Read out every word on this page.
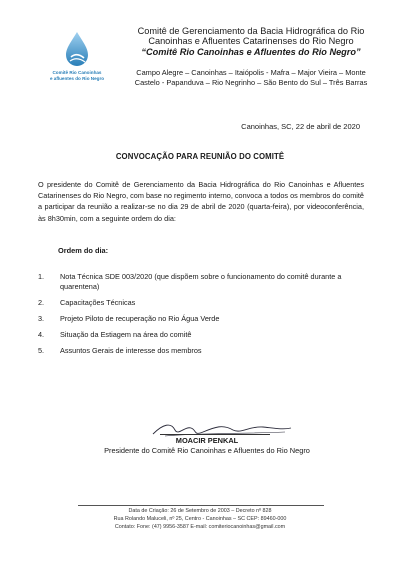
Comitê Rio Canoinhas
e afluentes do Rio Negro
Comitê de Gerenciamento da Bacia Hidrográfica do Rio
Canoinhas e Afluentes Catarinenses do Rio Negro
“Comitê Rio Canoinhas e Afluentes do Rio Negro”
Campo Alegre – Canoinhas – Itaiópolis - Mafra – Major Vieira – Monte
Castelo - Papanduva – Rio Negrinho – São Bento do Sul – Três Barras
Canoinhas, SC, 22 de abril de 2020
CONVOCAÇÃO PARA REUNIÃO DO COMITÊ
O presidente do Comitê de Gerenciamento da Bacia Hidrográfica do Rio Canoinhas e Afluentes Catarinenses do Rio Negro, com base no regimento interno, convoca a todos os membros do comitê a participar da reunião a realizar-se no dia 29 de abril de 2020 (quarta-feira), por videoconferência, às 8h30min, com a seguinte ordem do dia:
Ordem do dia:
1. Nota Técnica SDE 003/2020 (que dispõem sobre o funcionamento do comitê durante a quarentena)
2. Capacitações Técnicas
3. Projeto Piloto de recuperação no Rio Água Verde
4. Situação da Estiagem na área do comitê
5. Assuntos Gerais de interesse dos membros
MOACIR PENKAL
Presidente do Comitê Rio Canoinhas e Afluentes do Rio Negro
Data de Criação: 26 de Setembro de 2003 – Decreto nº 828
Rua Rolando Maluceli, nº 25, Centro - Canoinhas – SC CEP: 89460-000
Contato: Fone: (47) 9956-3587 E-mail: comiteriocanoinhas@gmail.com
